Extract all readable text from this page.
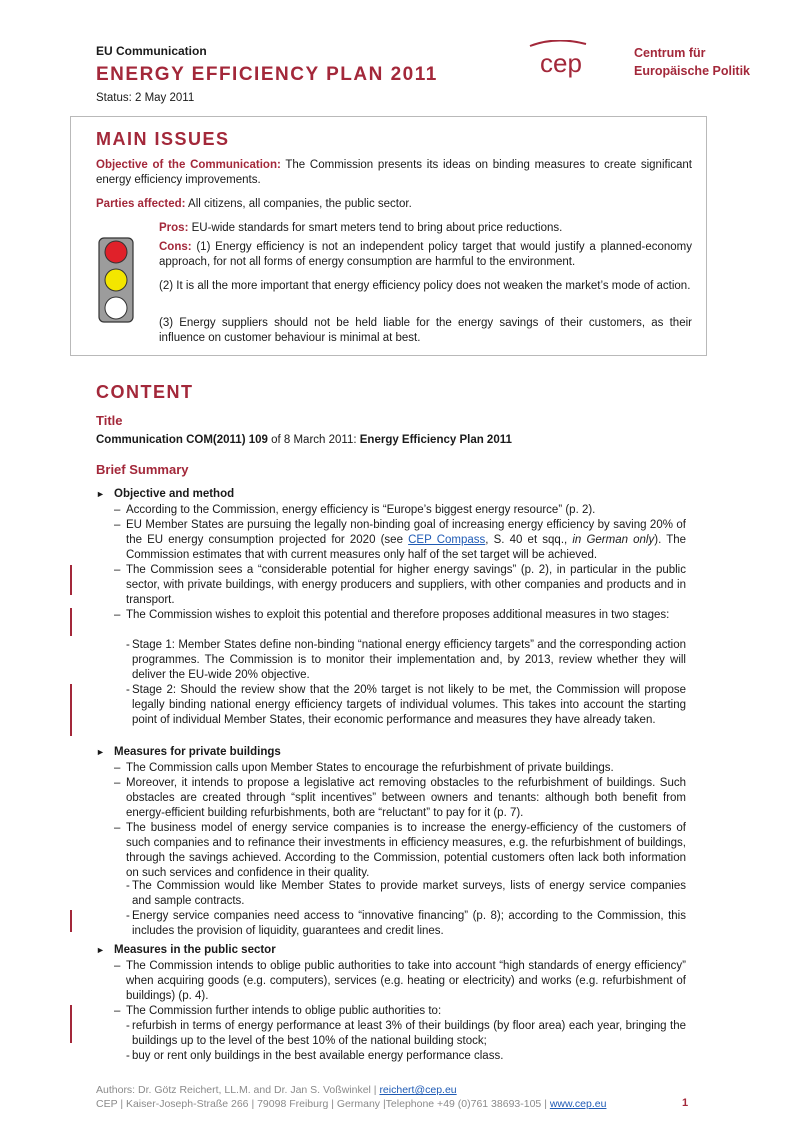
EU Communication
ENERGY EFFICIENCY PLAN 2011
Status: 2 May 2011
cep	Centrum für
Europäische Politik
MAIN ISSUES
Objective of the Communication: The Commission presents its ideas on binding measures to create significant energy efficiency improvements.
Parties affected: All citizens, all companies, the public sector.
Pros: EU-wide standards for smart meters tend to bring about price reductions.
Cons: (1) Energy efficiency is not an independent policy target that would justify a planned-economy approach, for not all forms of energy consumption are harmful to the environment.
(2) It is all the more important that energy efficiency policy does not weaken the market’s mode of action.
(3) Energy suppliers should not be held liable for the energy savings of their customers, as their influence on customer behaviour is minimal at best.
CONTENT
Title
Communication COM(2011) 109 of 8 March 2011: Energy Efficiency Plan 2011
Brief Summary
► Objective and method
– According to the Commission, energy efficiency is “Europe’s biggest energy resource” (p. 2).
– EU Member States are pursuing the legally non-binding goal of increasing energy efficiency by saving 20% of the EU energy consumption projected for 2020 (see CEP Compass, S. 40 et sqq., in German only). The Commission estimates that with current measures only half of the set target will be achieved.
– The Commission sees a “considerable potential for higher energy savings” (p. 2), in particular in the public sector, with private buildings, with energy producers and suppliers, with other companies and products and in transport.
– The Commission wishes to exploit this potential and therefore proposes additional measures in two stages:
- Stage 1: Member States define non-binding “national energy efficiency targets” and the corresponding action programmes. The Commission is to monitor their implementation and, by 2013, review whether they will deliver the EU-wide 20% objective.
- Stage 2: Should the review show that the 20% target is not likely to be met, the Commission will propose legally binding national energy efficiency targets of individual volumes. This takes into account the starting point of individual Member States, their economic performance and measures they have already taken.
► Measures for private buildings
– The Commission calls upon Member States to encourage the refurbishment of private buildings.
– Moreover, it intends to propose a legislative act removing obstacles to the refurbishment of buildings. Such obstacles are created through “split incentives” between owners and tenants: although both benefit from energy-efficient building refurbishments, both are “reluctant” to pay for it (p. 7).
– The business model of energy service companies is to increase the energy-efficiency of the customers of such companies and to refinance their investments in efficiency measures, e.g. the refurbishment of buildings, through the savings achieved. According to the Commission, potential customers often lack both information on such services and confidence in their quality.
- The Commission would like Member States to provide market surveys, lists of energy service companies and sample contracts.
- Energy service companies need access to “innovative financing” (p. 8); according to the Commission, this includes the provision of liquidity, guarantees and credit lines.
► Measures in the public sector
– The Commission intends to oblige public authorities to take into account “high standards of energy efficiency” when acquiring goods (e.g. computers), services (e.g. heating or electricity) and works (e.g. refurbishment of buildings) (p. 4).
– The Commission further intends to oblige public authorities to:
- refurbish in terms of energy performance at least 3% of their buildings (by floor area) each year, bringing the buildings up to the level of the best 10% of the national building stock;
- buy or rent only buildings in the best available energy performance class.
Authors: Dr. Götz Reichert, LL.M. and Dr. Jan S. Voßwinkel | reichert@cep.eu
CEP | Kaiser-Joseph-Straße 266 | 79098 Freiburg | Germany |Telephone +49 (0)761 38693-105 | www.cep.eu	1
